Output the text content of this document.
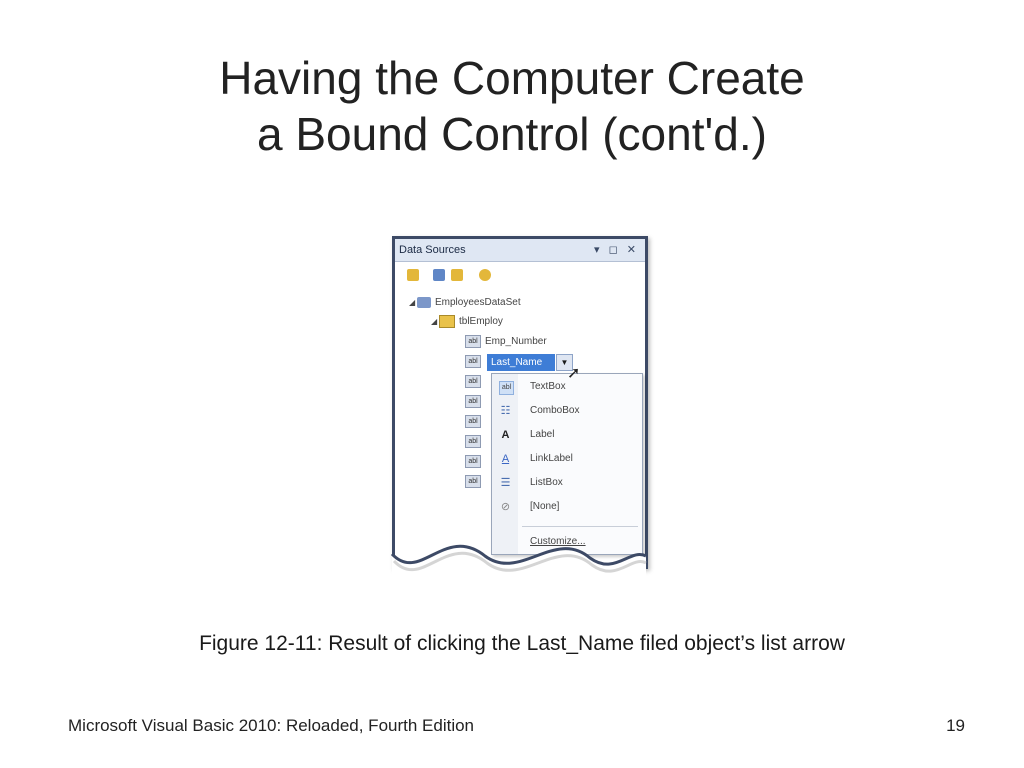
Having the Computer Create
a Bound Control (cont'd.)
Data Sources	▾ ◻ ✕
◢ EmployeesDataSet
◢ tblEmploy
abl Emp_Number
abl
abl
abl
abl
abl
abl
abl
Last_Name	▼
abl TextBox
☷ ComboBox
A Label
A LinkLabel
☰ ListBox
⊘ [None]
Customize...
➚
Figure 12-11: Result of clicking the Last_Name filed object’s list arrow
Microsoft Visual Basic 2010: Reloaded, Fourth Edition	19
